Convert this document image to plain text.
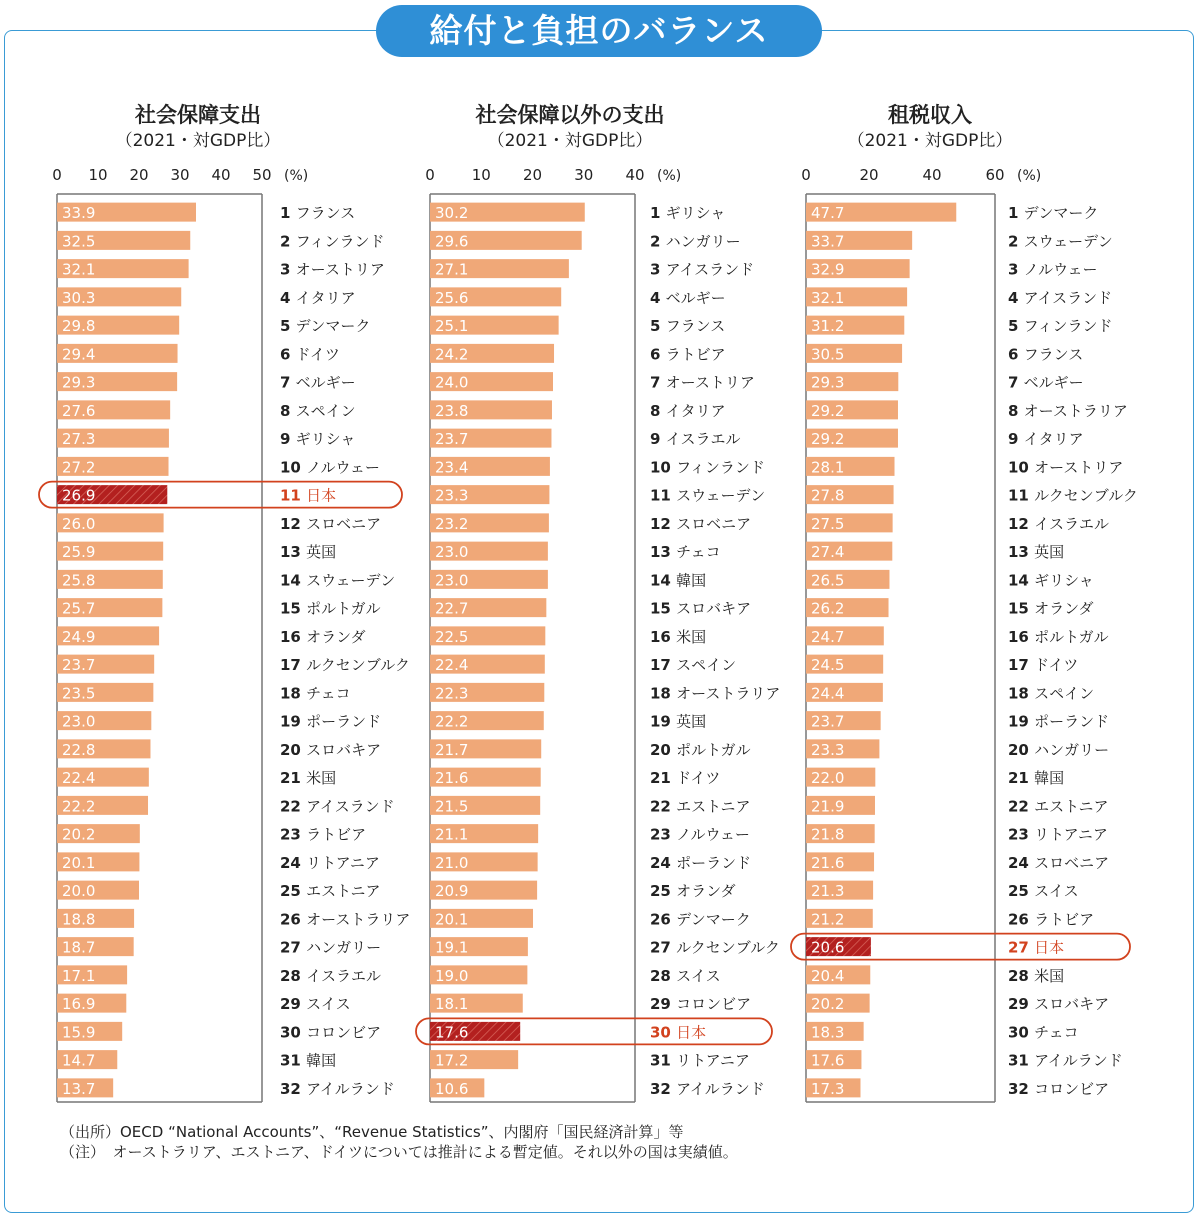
給付と負担のバランス
社会保障支出
（2021・対GDP比）
0 10 20 30 40 50 (%)
33.9	1 フランス
32.5	2 フィンランド
32.1	3 オーストリア
30.3	4 イタリア
29.8	5 デンマーク
29.4	6 ドイツ
29.3	7 ベルギー
27.6	8 スペイン
27.3	9 ギリシャ
27.2	10 ノルウェー
26.9	11 日本
26.0	12 スロベニア
25.9	13 英国
25.8	14 スウェーデン
25.7	15 ポルトガル
24.9	16 オランダ
23.7	17 ルクセンブルク
23.5	18 チェコ
23.0	19 ポーランド
22.8	20 スロバキア
22.4	21 米国
22.2	22 アイスランド
20.2	23 ラトビア
20.1	24 リトアニア
20.0	25 エストニア
18.8	26 オーストラリア
18.7	27 ハンガリー
17.1	28 イスラエル
16.9	29 スイス
15.9	30 コロンビア
14.7	31 韓国
13.7	32 アイルランド
社会保障以外の支出
（2021・対GDP比）
0 10 20 30 40 (%)
30.2	1 ギリシャ
29.6	2 ハンガリー
27.1	3 アイスランド
25.6	4 ベルギー
25.1	5 フランス
24.2	6 ラトビア
24.0	7 オーストリア
23.8	8 イタリア
23.7	9 イスラエル
23.4	10 フィンランド
23.3	11 スウェーデン
23.2	12 スロベニア
23.0	13 チェコ
23.0	14 韓国
22.7	15 スロバキア
22.5	16 米国
22.4	17 スペイン
22.3	18 オーストラリア
22.2	19 英国
21.7	20 ポルトガル
21.6	21 ドイツ
21.5	22 エストニア
21.1	23 ノルウェー
21.0	24 ポーランド
20.9	25 オランダ
20.1	26 デンマーク
19.1	27 ルクセンブルク
19.0	28 スイス
18.1	29 コロンビア
17.6	30 日本
17.2	31 リトアニア
10.6	32 アイルランド
租税収入
（2021・対GDP比）
0	20	40	60 (%)
47.7	1 デンマーク
33.7	2 スウェーデン
32.9	3 ノルウェー
32.1	4 アイスランド
31.2	5 フィンランド
30.5	6 フランス
29.3	7 ベルギー
29.2	8 オーストラリア
29.2	9 イタリア
28.1	10 オーストリア
27.8	11 ルクセンブルク
27.5	12 イスラエル
27.4	13 英国
26.5	14 ギリシャ
26.2	15 オランダ
24.7	16 ポルトガル
24.5	17 ドイツ
24.4	18 スペイン
23.7	19 ポーランド
23.3	20 ハンガリー
22.0	21 韓国
21.9	22 エストニア
21.8	23 リトアニア
21.6	24 スロベニア
21.3	25 スイス
21.2	26 ラトビア
20.6	27 日本
20.4	28 米国
20.2	29 スロバキア
18.3	30 チェコ
17.6	31 アイルランド
17.3	32 コロンビア
（出所）OECD “National Accounts”、“Revenue Statistics”、内閣府「国民経済計算」等
（注）　オーストラリア、エストニア、ドイツについては推計による暫定値。それ以外の国は実績値。
